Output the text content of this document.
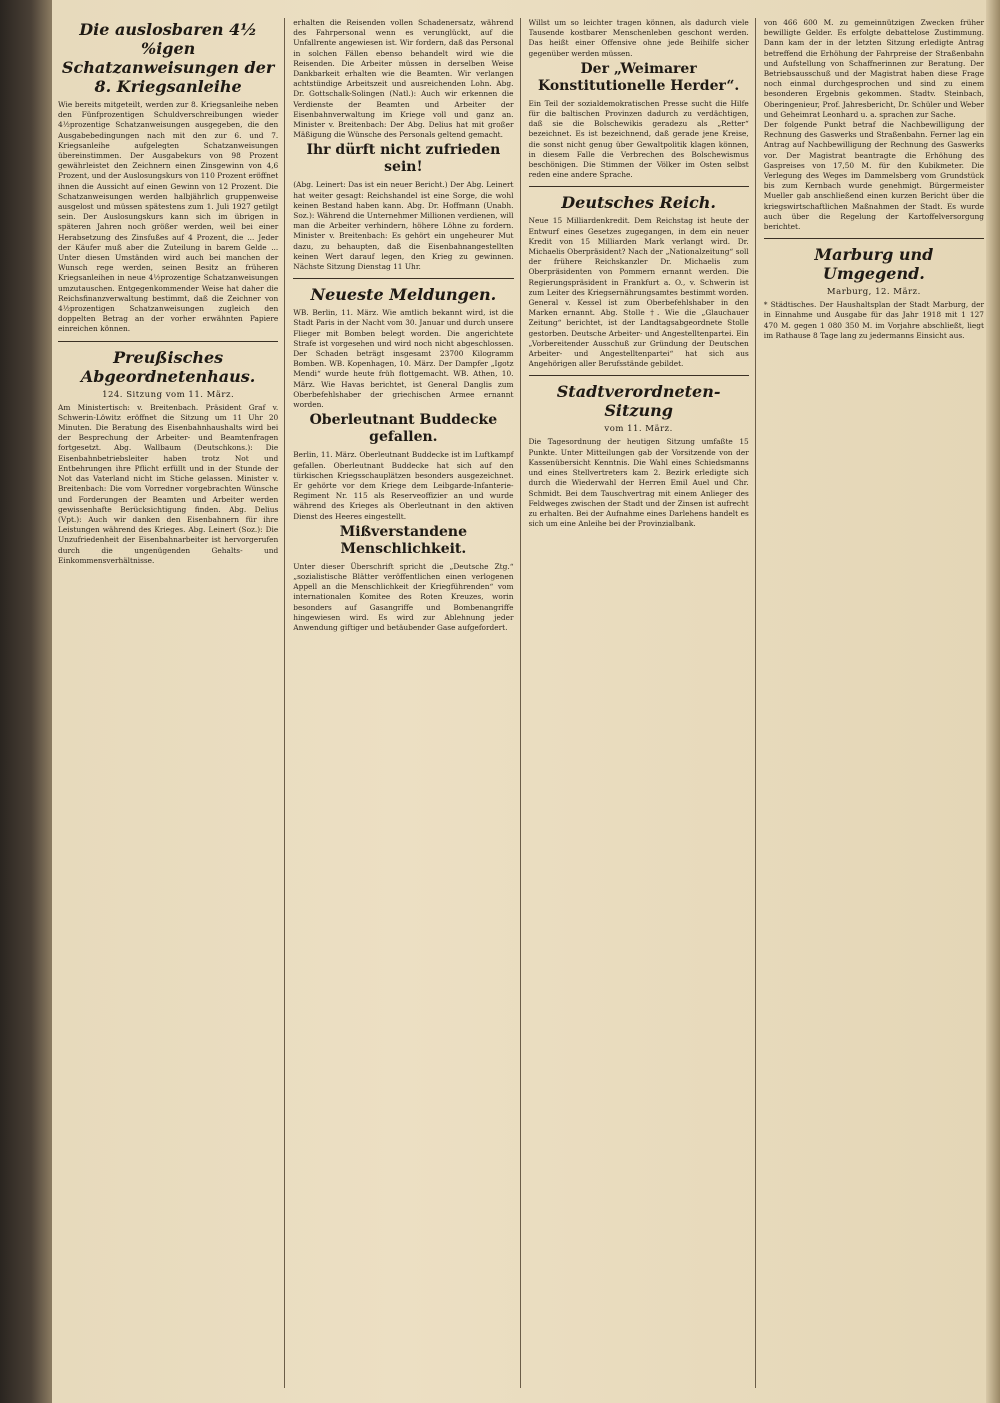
Die auslosbaren 4½ %igen Schatzanweisungen der 8. Kriegsanleihe

Wie bereits mitgeteilt, werden zur 8. Kriegsanleihe neben den Fünfprozentigen Schuldverschreibungen wieder 4½prozentige Schatzanweisungen ausgegeben, die den Ausgabebedingungen nach mit den zur 6. und 7. Kriegsanleihe aufgelegten Schatzanweisungen übereinstimmen. Der Ausgabekurs von 98 Prozent gewährleistet den Zeichnern einen Zinsgewinn von 4,6 Prozent, und der Auslosungskurs von 110 Prozent eröffnet ihnen die Aussicht auf einen Gewinn von 12 Prozent. Die Schatzanweisungen werden halbjährlich gruppenweise ausgelost und müssen spätestens zum 1. Juli 1927 getilgt sein. Der Auslosungskurs kann sich im übrigen in späteren Jahren noch größer werden, weil bei einer Herabsetzung des Zinsfußes auf 4 Prozent, die ... Jeder der Käufer muß aber die Zuteilung in barem Gelde ... Unter diesen Umständen wird auch bei manchen der Wunsch rege werden, seinen Besitz an früheren Kriegsanleihen in neue 4½prozentige Schatzanweisungen umzutauschen. Entgegenkommender Weise hat daher die Reichsfinanzverwaltung bestimmt, daß die Zeichner von 4½prozentigen Schatzanweisungen zugleich den doppelten Betrag an der vorher erwähnten Papiere einreichen können.

Preußisches Abgeordnetenhaus.
124. Sitzung vom 11. März.

Am Ministertisch: v. Breitenbach. Präsident Graf v. Schwerin-Löwitz eröffnet die Sitzung um 11 Uhr 20 Minuten. Die Beratung des Eisenbahnhaushalts wird bei der Besprechung der Arbeiter- und Beamtenfragen fortgesetzt. Abg. Wallbaum (Deutschkons.): Die Eisenbahnbetriebsleiter haben trotz Not und Entbehrungen ihre Pflicht erfüllt und in der Stunde der Not das Vaterland nicht im Stiche gelassen. Minister v. Breitenbach: Die vom Vorredner vorgebrachten Wünsche und Forderungen der Beamten und Arbeiter werden gewissenhafte Berücksichtigung finden. Abg. Delius (Vpt.): Auch wir danken den Eisenbahnern für ihre Leistungen während des Krieges. Abg. Leinert (Soz.): Die Unzufriedenheit der Eisenbahnarbeiter ist hervorgerufen durch die ungenügenden Gehalts- und Einkommensverhältnisse.

erhalten die Reisenden vollen Schadenersatz, während des Fahrpersonal wenn es verunglückt, auf die Unfallrente angewiesen ist. Wir fordern, daß das Personal in solchen Fällen ebenso behandelt wird wie die Reisenden. Die Arbeiter müssen in derselben Weise Dankbarkeit erhalten wie die Beamten. Wir verlangen achtstündige Arbeitszeit und ausreichenden Lohn. Abg. Dr. Gottschalk-Solingen (Natl.): Auch wir erkennen die Verdienste der Beamten und Arbeiter der Eisenbahnverwaltung im Kriege voll und ganz an. Minister v. Breitenbach: Der Abg. Delius hat mit großer Mäßigung die Wünsche des Personals geltend gemacht.

Ihr dürft nicht zufrieden sein!

(Abg. Leinert: Das ist ein neuer Bericht.) Der Abg. Leinert hat weiter gesagt: Reichshandel ist eine Sorge, die wohl keinen Bestand haben kann. Abg. Dr. Hoffmann (Unabh. Soz.): Während die Unternehmer Millionen verdienen, will man die Arbeiter verhindern, höhere Löhne zu fordern. Minister v. Breitenbach: Es gehört ein ungeheurer Mut dazu, zu behaupten, daß die Eisenbahnangestellten keinen Wert darauf legen, den Krieg zu gewinnen. Nächste Sitzung Dienstag 11 Uhr.

Neueste Meldungen.

WB. Berlin, 11. März. Wie amtlich bekannt wird, ist die Stadt Paris in der Nacht vom 30. Januar und durch unsere Flieger mit Bomben belegt worden. Die angerichtete Strafe ist vorgesehen und wird noch nicht abgeschlossen. Der Schaden beträgt insgesamt 23700 Kilogramm Bomben. WB. Kopenhagen, 10. März. Der Dampfer „Igotz Mendi“ wurde heute früh flottgemacht. WB. Athen, 10. März. Wie Havas berichtet, ist General Danglis zum Oberbefehlshaber der griechischen Armee ernannt worden.

Oberleutnant Buddecke gefallen.

Berlin, 11. März. Oberleutnant Buddecke ist im Luftkampf gefallen. Oberleutnant Buddecke hat sich auf den türkischen Kriegsschauplätzen besonders ausgezeichnet. Er gehörte vor dem Kriege dem Leibgarde-Infanterie-Regiment Nr. 115 als Reserveoffizier an und wurde während des Krieges als Oberleutnant in den aktiven Dienst des Heeres eingestellt.

Mißverstandene Menschlichkeit.

Unter dieser Überschrift spricht die „Deutsche Ztg.“ „sozialistische Blätter veröffentlichen einen verlogenen Appell an die Menschlichkeit der Kriegführenden“ vom internationalen Komitee des Roten Kreuzes, worin besonders auf Gasangriffe und Bombenangriffe hingewiesen wird. Es wird zur Ablehnung jeder Anwendung giftiger und betäubender Gase aufgefordert.

Willst um so leichter tragen können, als dadurch viele Tausende kostbarer Menschenleben geschont werden. Das heißt einer Offensive ohne jede Beihilfe sicher gegenüber werden müssen.

Der „Weimarer Konstitutionelle Herder“.

Ein Teil der sozialdemokratischen Presse sucht die Hilfe für die baltischen Provinzen dadurch zu verdächtigen, daß sie die Bolschewikis geradezu als „Retter“ bezeichnet. Es ist bezeichnend, daß gerade jene Kreise, die sonst nicht genug über Gewaltpolitik klagen können, in diesem Falle die Verbrechen des Bolschewismus beschönigen. Die Stimmen der Völker im Osten selbst reden eine andere Sprache.

Deutsches Reich.

Neue 15 Milliardenkredit. Dem Reichstag ist heute der Entwurf eines Gesetzes zugegangen, in dem ein neuer Kredit von 15 Milliarden Mark verlangt wird. Dr. Michaelis Oberpräsident? Nach der „Nationalzeitung“ soll der frühere Reichskanzler Dr. Michaelis zum Oberpräsidenten von Pommern ernannt werden. Die Regierungspräsident in Frankfurt a. O., v. Schwerin ist zum Leiter des Kriegsernährungsamtes bestimmt worden. General v. Kessel ist zum Oberbefehlshaber in den Marken ernannt. Abg. Stolle †. Wie die „Glauchauer Zeitung“ berichtet, ist der Landtagsabgeordnete Stolle gestorben. Deutsche Arbeiter- und Angestelltenpartei. Ein „Vorbereitender Ausschuß zur Gründung der Deutschen Arbeiter- und Angestelltenpartei“ hat sich aus Angehörigen aller Berufsstände gebildet.

Stadtverordneten-Sitzung
vom 11. März.

Die Tagesordnung der heutigen Sitzung umfaßte 15 Punkte. Unter Mitteilungen gab der Vorsitzende von der Kassenübersicht Kenntnis. Die Wahl eines Schiedsmanns und eines Stellvertreters kam 2. Bezirk erledigte sich durch die Wiederwahl der Herren Emil Auel und Chr. Schmidt. Bei dem Tauschvertrag mit einem Anlieger des Feldweges zwischen der Stadt und der Zinsen ist aufrecht zu erhalten. Bei der Aufnahme eines Darlehens handelt es sich um eine Anleihe bei der Provinzialbank.

von 466 600 M. zu gemeinnützigen Zwecken früher bewilligte Gelder. Es erfolgte debattelose Zustimmung. Dann kam der in der letzten Sitzung erledigte Antrag betreffend die Erhöhung der Fahrpreise der Straßenbahn und Aufstellung von Schaffnerinnen zur Beratung. Der Betriebsausschuß und der Magistrat haben diese Frage noch einmal durchgesprochen und sind zu einem besonderen Ergebnis gekommen. Stadtv. Steinbach, Oberingenieur, Prof. Jahresbericht, Dr. Schüler und Weber und Geheimrat Leonhard u. a. sprachen zur Sache.

Der folgende Punkt betraf die Nachbewilligung der Rechnung des Gaswerks und Straßenbahn. Ferner lag ein Antrag auf Nachbewilligung der Rechnung des Gaswerks vor. Der Magistrat beantragte die Erhöhung des Gaspreises von 17,50 M. für den Kubikmeter. Die Verlegung des Weges im Dammelsberg vom Grundstück bis zum Kernbach wurde genehmigt. Bürgermeister Mueller gab anschließend einen kurzen Bericht über die kriegswirtschaftlichen Maßnahmen der Stadt. Es wurde auch über die Regelung der Kartoffelversorgung berichtet.

Marburg und Umgegend.
Marburg, 12. März.

* Städtisches. Der Haushaltsplan der Stadt Marburg, der in Einnahme und Ausgabe für das Jahr 1918 mit 1 127 470 M. gegen 1 080 350 M. im Vorjahre abschließt, liegt im Rathause 8 Tage lang zu jedermanns Einsicht aus.
